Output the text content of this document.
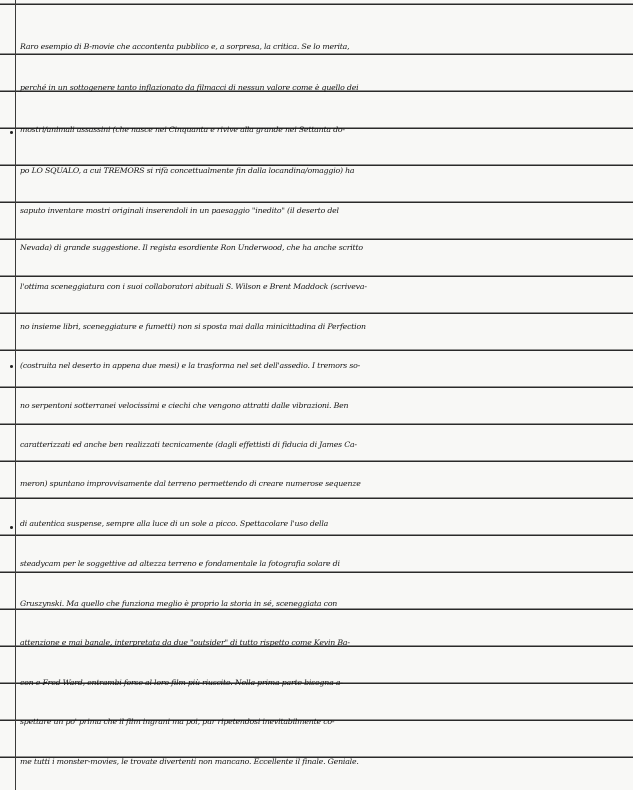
Raro esempio di B-movie che accontenta pubblico e, a sorpresa, la critica. Se lo merita,
perché in un sottogenere tanto inflazionato da filmacci di nessun valore come è quello dei
mostri/animali assassini (che nasce nei Cinquanta e rivive alla grande nei Settanta do-
po LO SQUALO, a cui TREMORS si rifà concettualmente fin dalla locandina/omaggio) ha
saputo inventare mostri originali inserendoli in un paesaggio "inedito" (il deserto del
Nevada) di grande suggestione. Il regista esordiente Ron Underwood, che ha anche scritto
l'ottima sceneggiatura con i suoi collaboratori abituali S. Wilson e Brent Maddock (scriveva-
no insieme libri, sceneggiature e fumetti) non si sposta mai dalla minicittadina di Perfection
(costruita nel deserto in appena due mesi) e la trasforma nel set dell'assedio. I tremors so-
no serpentoni sotterranei velocissimi e ciechi che vengono attratti dalle vibrazioni. Ben
caratterizzati ed anche ben realizzati tecnicamente (dagli effettisti di fiducia di James Ca-
meron) spuntano improvvisamente dal terreno permettendo di creare numerose sequenze
di autentica suspense, sempre alla luce di un sole a picco. Spettacolare l'uso della
steadycam per le soggettive ad altezza terreno e fondamentale la fotografia solare di
Gruszynski. Ma quello che funziona meglio è proprio la storia in sé, sceneggiata con
attenzione e mai banale, interpretata da due "outsider" di tutto rispetto come Kevin Ba-
con e Fred Ward, entrambi forse al loro film più riuscito. Nella prima parte bisogna a-
spettare un po' prima che il film ingrani ma poi, pur ripetendosi inevitabilmente co-
me tutti i monster-movies, le trovate divertenti non mancano. Eccellente il finale. Geniale.
